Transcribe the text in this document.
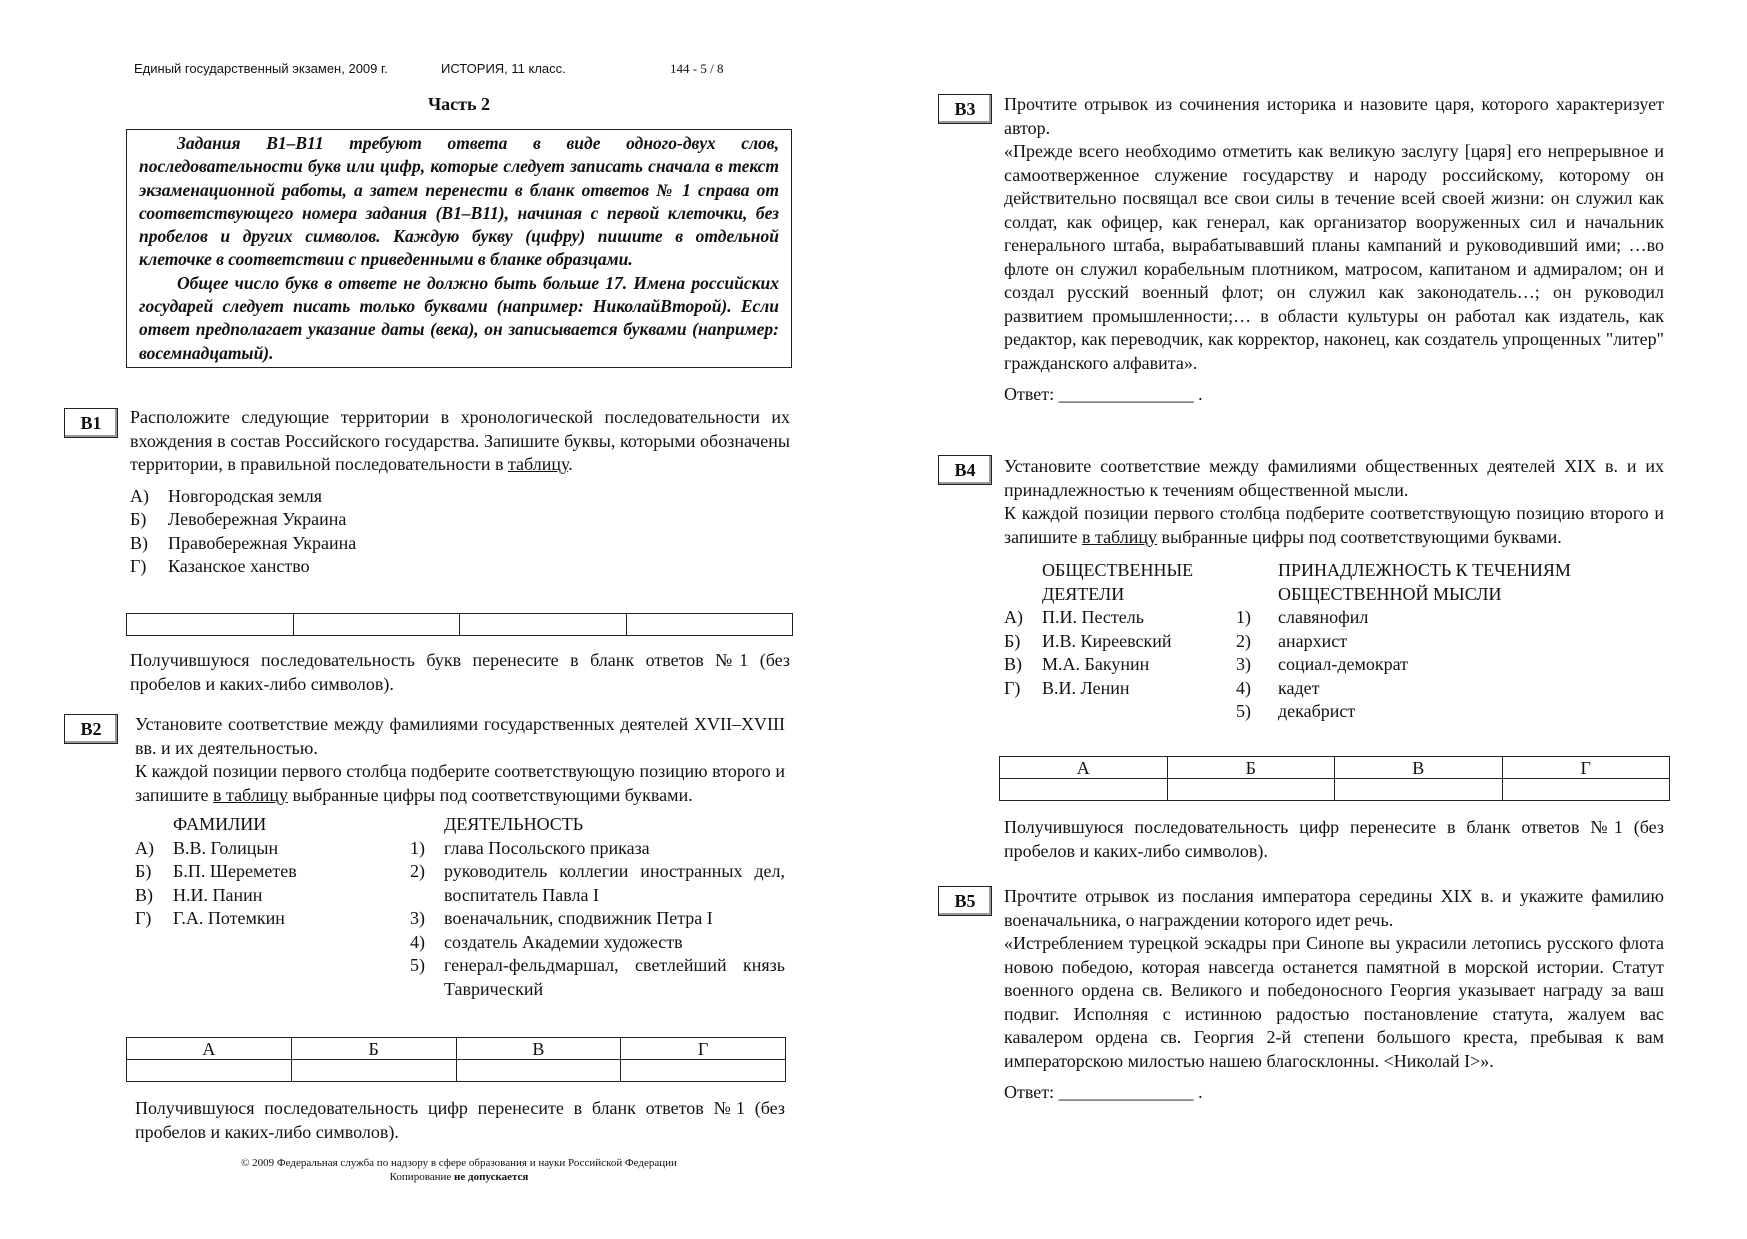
Единый государственный экзамен, 2009 г.	ИСТОРИЯ, 11 класс.	144 - 5 / 8
Часть 2

Задания В1–В11 требуют ответа в виде одного-двух слов, последовательности букв или цифр, которые следует записать сначала в текст экзаменационной работы, а затем перенести в бланк ответов № 1 справа от соответствующего номера задания (В1–В11), начиная с первой клеточки, без пробелов и других символов. Каждую букву (цифру) пишите в отдельной клеточке в соответствии с приведенными в бланке образцами.

Общее число букв в ответе не должно быть больше 17. Имена российских государей следует писать только буквами (например: НиколайВторой). Если ответ предполагает указание даты (века), он записывается буквами (например: восемнадцатый).

В1	Расположите следующие территории в хронологической последовательности их вхождения в состав Российского государства. Запишите буквы, которыми обозначены территории, в правильной последовательности в таблицу.
А)	Новгородская земля
Б)	Левобережная Украина
В)	Правобережная Украина
Г)	Казанское ханство

Получившуюся последовательность букв перенесите в бланк ответов №1 (без пробелов и каких-либо символов).
В2	Установите соответствие между фамилиями государственных деятелей XVII–XVIII вв. и их деятельностью.
К каждой позиции первого столбца подберите соответствующую позицию второго и запишите в таблицу выбранные цифры под соответствующими буквами.
ФАМИЛИИ
А)	В.В. Голицын
Б)	Б.П. Шереметев
В)	Н.И. Панин
Г)	Г.А. Потемкин
ДЕЯТЕЛЬНОСТЬ
1)	глава Посольского приказа
2)	руководитель коллегии иностранных дел, воспитатель Павла I
3)	военачальник, сподвижник Петра I
4)	создатель Академии художеств
5)	генерал-фельдмаршал, светлейший князь Таврический
А	Б	В	Г

Получившуюся последовательность цифр перенесите в бланк ответов №1 (без пробелов и каких-либо символов).
© 2009 Федеральная служба по надзору в сфере образования и науки Российской Федерации
Копирование не допускается
В3	Прочтите отрывок из сочинения историка и назовите царя, которого характеризует автор.
«Прежде всего необходимо отметить как великую заслугу [царя] его непрерывное и самоотверженное служение государству и народу российскому, которому он действительно посвящал все свои силы в течение всей своей жизни: он служил как солдат, как офицер, как генерал, как организатор вооруженных сил и начальник генерального штаба, вырабатывавший планы кампаний и руководивший ими; …во флоте он служил корабельным плотником, матросом, капитаном и адмиралом; он и создал русский военный флот; он служил как законодатель…; он руководил развитием промышленности;… в области культуры он работал как издатель, как редактор, как переводчик, как корректор, наконец, как создатель упрощенных "литер" гражданского алфавита».
Ответ: _______________ .
В4	Установите соответствие между фамилиями общественных деятелей XIX в. и их принадлежностью к течениям общественной мысли.
К каждой позиции первого столбца подберите соответствующую позицию второго и запишите в таблицу выбранные цифры под соответствующими буквами.
ОБЩЕСТВЕННЫЕ ДЕЯТЕЛИ
А)	П.И. Пестель
Б)	И.В. Киреевский
В)	М.А. Бакунин
Г)	В.И. Ленин
ПРИНАДЛЕЖНОСТЬ К ТЕЧЕНИЯМ ОБЩЕСТВЕННОЙ МЫСЛИ
1)	славянофил
2)	анархист
3)	социал-демократ
4)	кадет
5)	декабрист
А	Б	В	Г

Получившуюся последовательность цифр перенесите в бланк ответов №1 (без пробелов и каких-либо символов).
В5	Прочтите отрывок из послания императора середины XIX в. и укажите фамилию военачальника, о награждении которого идет речь.
«Истреблением турецкой эскадры при Синопе вы украсили летопись русского флота новою победою, которая навсегда останется памятной в морской истории. Статут военного ордена св. Великого и победоносного Георгия указывает награду за ваш подвиг. Исполняя с истинною радостью постановление статута, жалуем вас кавалером ордена св. Георгия 2-й степени большого креста, пребывая к вам императорскою милостью нашею благосклонны. <Николай I>».
Ответ: _______________ .
